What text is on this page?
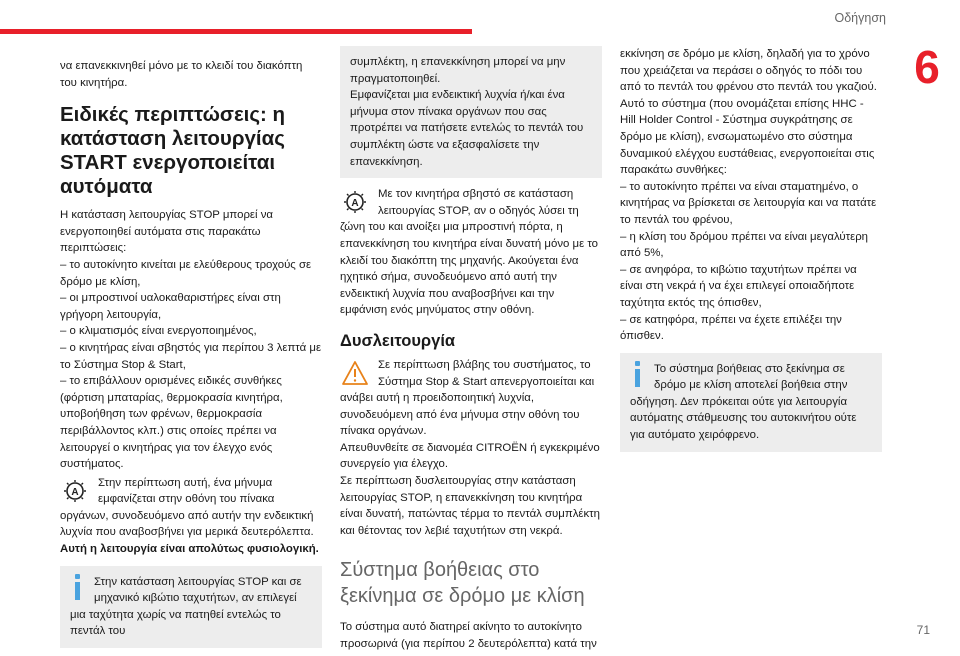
Οδήγηση
6
71

να επανεκκινηθεί μόνο με το κλειδί του διακόπτη του κινητήρα.

Ειδικές περιπτώσεις: η κατάσταση λειτουργίας START ενεργοποιείται αυτόματα

Η κατάσταση λειτουργίας STOP μπορεί να ενεργοποιηθεί αυτόματα στις παρακάτω περιπτώσεις:

– το αυτοκίνητο κινείται με ελεύθερους τροχούς σε δρόμο με κλίση,

– οι μπροστινοί υαλοκαθαριστήρες είναι στη γρήγορη λειτουργία,

– ο κλιματισμός είναι ενεργοποιημένος,

– ο κινητήρας είναι σβηστός για περίπου 3 λεπτά με το Σύστημα Stop & Start,

– το επιβάλλουν ορισμένες ειδικές συνθήκες (φόρτιση μπαταρίας, θερμοκρασία κινητήρα, υποβοήθηση των φρένων, θερμοκρασία περιβάλλοντος κλπ.) στις οποίες πρέπει να λειτουργεί ο κινητήρας για τον έλεγχο ενός συστήματος.

A

Στην περίπτωση αυτή, ένα μήνυμα εμφανίζεται στην οθόνη του πίνακα οργάνων, συνοδευόμενο από αυτήν την ενδεικτική λυχνία που αναβοσβήνει για μερικά δευτερόλεπτα.

Αυτή η λειτουργία είναι απολύτως φυσιολογική.

Στην κατάσταση λειτουργίας STOP και σε μηχανικό κιβώτιο ταχυτήτων, αν επιλεγεί μια ταχύτητα χωρίς να πατηθεί εντελώς το πεντάλ του

συμπλέκτη, η επανεκκίνηση μπορεί να μην πραγματοποιηθεί.

Εμφανίζεται μια ενδεικτική λυχνία ή/και ένα μήνυμα στον πίνακα οργάνων που σας προτρέπει να πατήσετε εντελώς το πεντάλ του συμπλέκτη ώστε να εξασφαλίσετε την επανεκκίνηση.

A

Με τον κινητήρα σβηστό σε κατάσταση λειτουργίας STOP, αν ο οδηγός λύσει τη ζώνη του και ανοίξει μια μπροστινή πόρτα, η επανεκκίνηση του κινητήρα είναι δυνατή μόνο με το κλειδί του διακόπτη της μηχανής. Ακούγεται ένα ηχητικό σήμα, συνοδευόμενο από αυτή την ενδεικτική λυχνία που αναβοσβήνει και την εμφάνιση ενός μηνύματος στην οθόνη.

Δυσλειτουργία

Σε περίπτωση βλάβης του συστήματος, το Σύστημα Stop & Start απενεργοποιείται και ανάβει αυτή η προειδοποιητική λυχνία, συνοδευόμενη από ένα μήνυμα στην οθόνη του πίνακα οργάνων.

Απευθυνθείτε σε διανομέα CITROËN ή εγκεκριμένο συνεργείο για έλεγχο.

Σε περίπτωση δυσλειτουργίας στην κατάσταση λειτουργίας STOP, η επανεκκίνηση του κινητήρα είναι δυνατή, πατώντας τέρμα το πεντάλ συμπλέκτη και θέτοντας τον λεβιέ ταχυτήτων στη νεκρά.

Σύστημα βοήθειας στο ξεκίνημα σε δρόμο με κλίση

Το σύστημα αυτό διατηρεί ακίνητο το αυτοκίνητο προσωρινά (για περίπου 2 δευτερόλεπτα) κατά την

εκκίνηση σε δρόμο με κλίση, δηλαδή για το χρόνο που χρειάζεται να περάσει ο οδηγός το πόδι του από το πεντάλ του φρένου στο πεντάλ του γκαζιού.

Αυτό το σύστημα (που ονομάζεται επίσης HHC - Hill Holder Control - Σύστημα συγκράτησης σε δρόμο με κλίση), ενσωματωμένο στο σύστημα δυναμικού ελέγχου ευστάθειας, ενεργοποιείται στις παρακάτω συνθήκες:

– το αυτοκίνητο πρέπει να είναι σταματημένο, ο κινητήρας να βρίσκεται σε λειτουργία και να πατάτε το πεντάλ του φρένου,

– η κλίση του δρόμου πρέπει να είναι μεγαλύτερη από 5%,

– σε ανηφόρα, το κιβώτιο ταχυτήτων πρέπει να είναι στη νεκρά ή να έχει επιλεγεί οποιαδήποτε ταχύτητα εκτός της όπισθεν,

– σε κατηφόρα, πρέπει να έχετε επιλέξει την όπισθεν.

Το σύστημα βοήθειας στο ξεκίνημα σε δρόμο με κλίση αποτελεί βοήθεια στην οδήγηση. Δεν πρόκειται ούτε για λειτουργία αυτόματης στάθμευσης του αυτοκινήτου ούτε για αυτόματο χειρόφρενο.
